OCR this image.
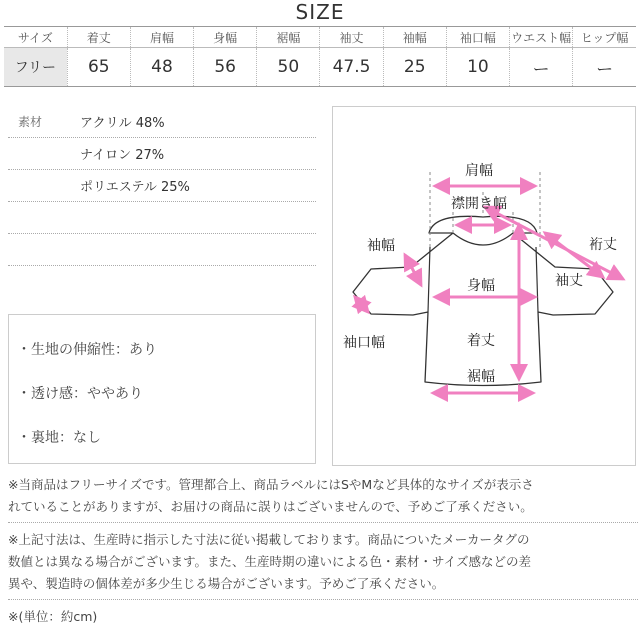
SIZE
サイズ	着丈	肩幅	身幅	裾幅	袖丈	袖幅	袖口幅	ウエスト幅	ヒップ幅
フリー	65	48	56	50	47.5	25	10	ー	ー
素材	アクリル 48%
ナイロン 27%
ポリエステル 25%
・生地の伸縮性：あり
・透け感：ややあり
・裏地：なし
肩幅
襟開き幅
裄丈
袖幅
袖丈
身幅
袖口幅	着丈
裾幅

※当商品はフリーサイズです。管理都合上、商品ラベルにはSやMなど具体的なサイズが表示さ

れていることがありますが、お届けの商品に誤りはございませんので、予めご了承ください。

※上記寸法は、生産時に指示した寸法に従い掲載しております。商品についたメーカータグの

数値とは異なる場合がございます。また、生産時期の違いによる色・素材・サイズ感などの差

異や、製造時の個体差が多少生じる場合がございます。予めご了承ください。

※(単位：約cm)
